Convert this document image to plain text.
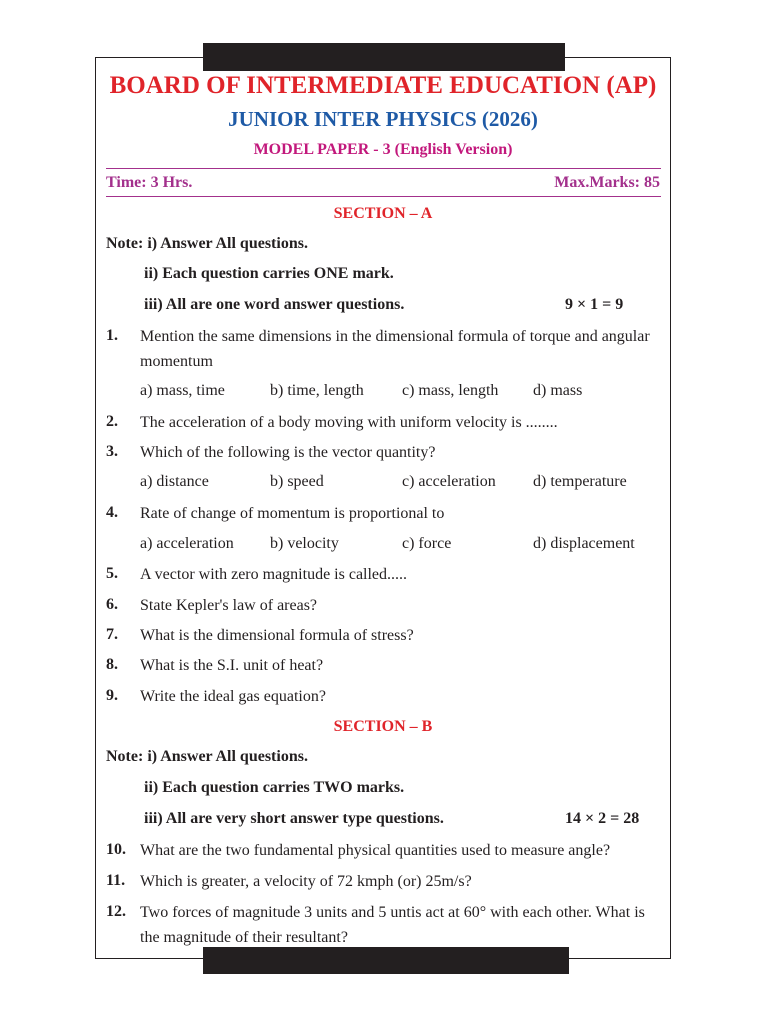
BOARD OF INTERMEDIATE EDUCATION (AP)
JUNIOR INTER PHYSICS (2026)
MODEL PAPER - 3 (English Version)
Time: 3 Hrs.	Max.Marks: 85
SECTION – A
Note: i) Answer All questions.
ii) Each question carries ONE mark.
iii) All are one word answer questions.	9 × 1 = 9
1. Mention the same dimensions in the dimensional formula of torque and angular momentum
a) mass, time	b) time, length c) mass, length d) mass
2. The acceleration of a body moving with uniform velocity is ........
3. Which of the following is the vector quantity?
a) distance	b) speed	c) acceleration d) temperature
4. Rate of change of momentum is proportional to
a) acceleration b) velocity	c) force	d) displacement
5. A vector with zero magnitude is called.....
6. State Kepler's law of areas?
7. What is the dimensional formula of stress?
8. What is the S.I. unit of heat?
9. Write the ideal gas equation?
SECTION – B
Note: i) Answer All questions.
ii) Each question carries TWO marks.
iii) All are very short answer type questions.	14 × 2 = 28
10. What are the two fundamental physical quantities used to measure angle?
11. Which is greater, a velocity of 72 kmph (or) 25m/s?
12. Two forces of magnitude 3 units and 5 untis act at 60° with each other. What is the magnitude of their resultant?
